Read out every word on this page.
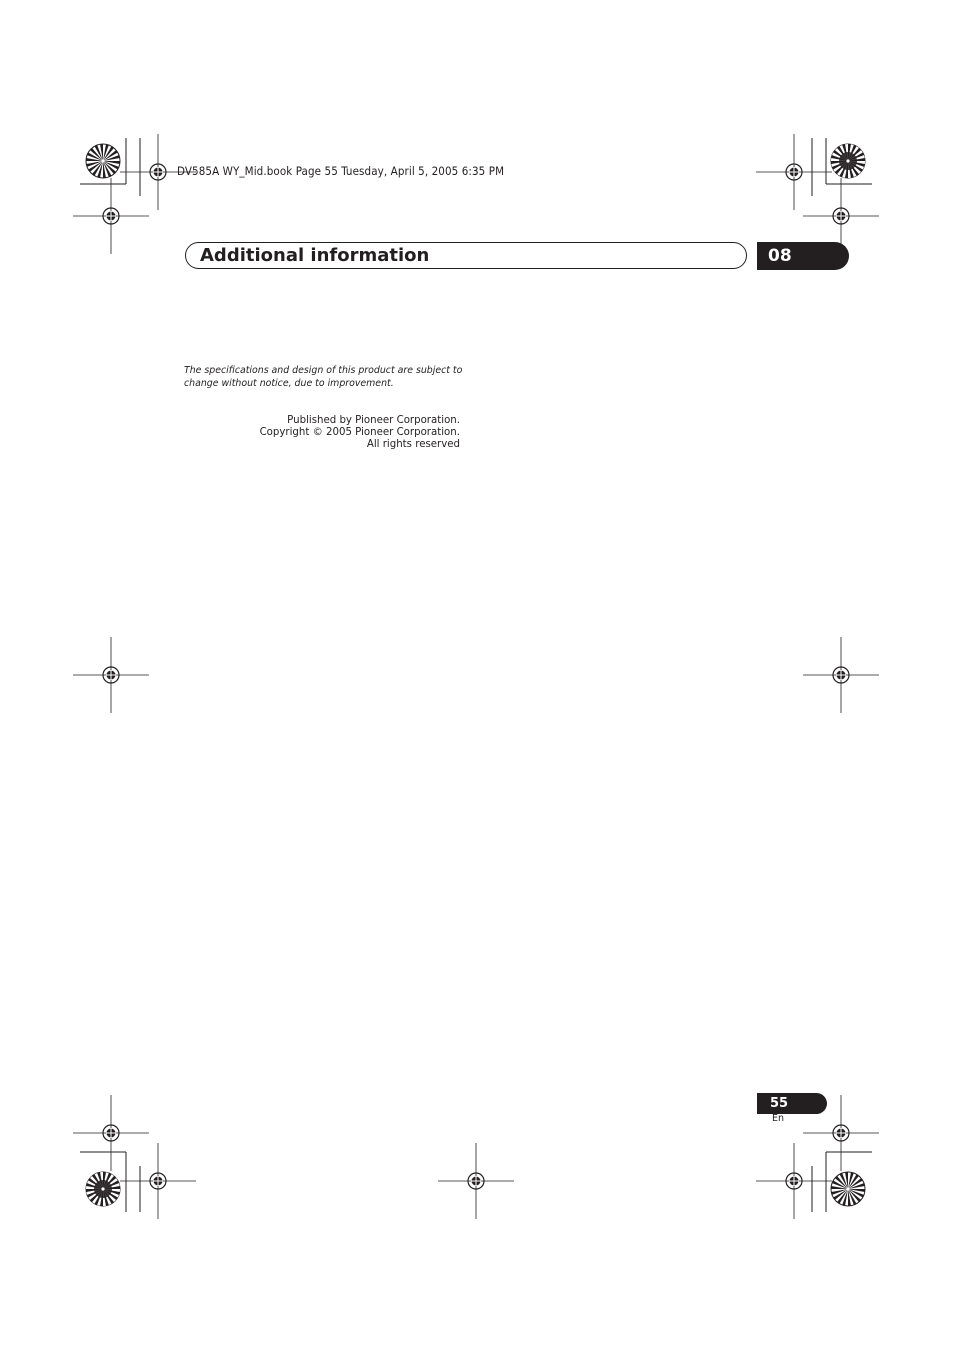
DV585A WY_Mid.book Page 55 Tuesday, April 5, 2005 6:35 PM
Additional information	08
The specifications and design of this product are subject to change without notice, due to improvement.
Published by Pioneer Corporation.
Copyright © 2005 Pioneer Corporation.
All rights reserved
55
En
